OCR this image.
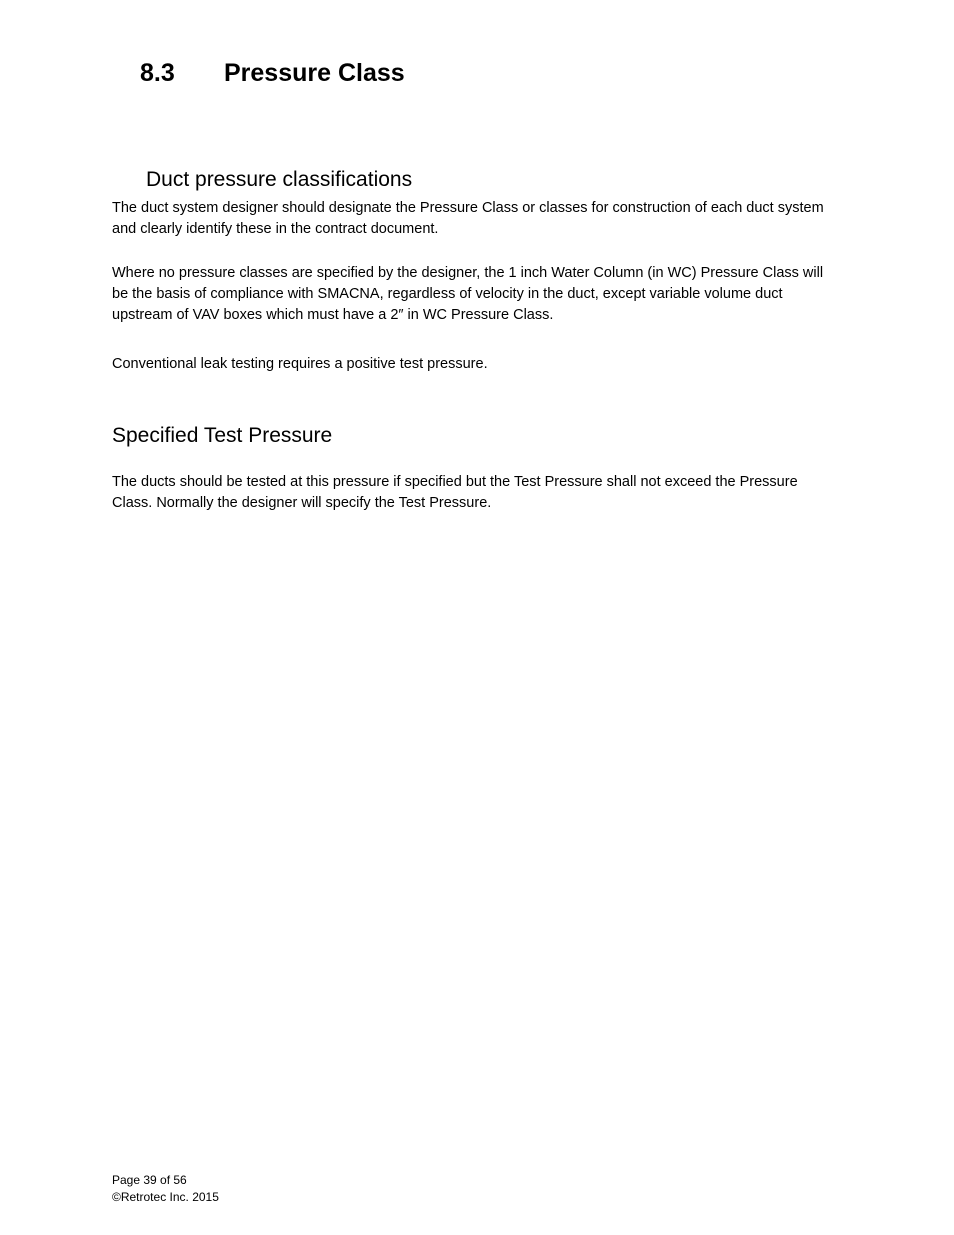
8.3 Pressure Class
Duct pressure classifications

The duct system designer should designate the Pressure Class or classes for construction of each duct system and clearly identify these in the contract document.

Where no pressure classes are specified by the designer, the 1 inch Water Column (in WC) Pressure Class will be the basis of compliance with SMACNA, regardless of velocity in the duct, except variable volume duct upstream of VAV boxes which must have a 2″ in WC Pressure Class.

Conventional leak testing requires a positive test pressure.

Specified Test Pressure

The ducts should be tested at this pressure if specified but the Test Pressure shall not exceed the Pressure Class. Normally the designer will specify the Test Pressure.

Page 39 of 56
©Retrotec Inc. 2015
